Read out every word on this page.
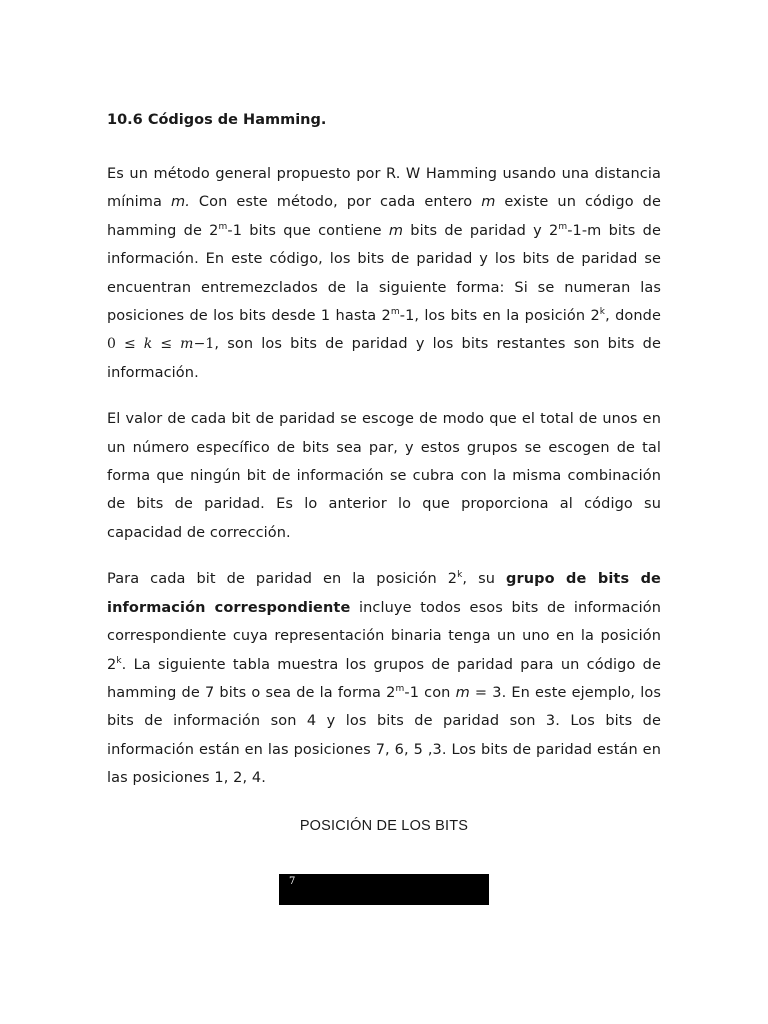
10.6 Códigos de Hamming.

Es un método general propuesto por R. W Hamming usando una distancia mínima m. Con este método, por cada entero m existe un código de hamming de 2$^m$-1 bits que contiene m bits de paridad y 2$^m$-1-m bits de información. En este código, los bits de paridad y los bits de paridad se encuentran entremezclados de la siguiente forma: Si se numeran las posiciones de los bits desde 1 hasta 2$^m$-1, los bits en la posición 2$^k$, donde 0 ≤ k ≤ m−1, son los bits de paridad y los bits restantes son bits de información.

El valor de cada bit de paridad se escoge de modo que el total de unos en un número específico de bits sea par, y estos grupos se escogen de tal forma que ningún bit de información se cubra con la misma combinación de bits de paridad. Es lo anterior lo que proporciona al código su capacidad de corrección.

Para cada bit de paridad en la posición 2$^k$, su grupo de bits de información correspondiente incluye todos esos bits de información correspondiente cuya representación binaria tenga un uno en la posición 2$^k$. La siguiente tabla muestra los grupos de paridad para un código de hamming de 7 bits o sea de la forma 2$^m$-1 con m = 3. En este ejemplo, los bits de información son 4 y los bits de paridad son 3. Los bits de información están en las posiciones 7, 6, 5 ,3. Los bits de paridad están en las posiciones 1, 2, 4.

POSICIÓN DE LOS BITS
7
